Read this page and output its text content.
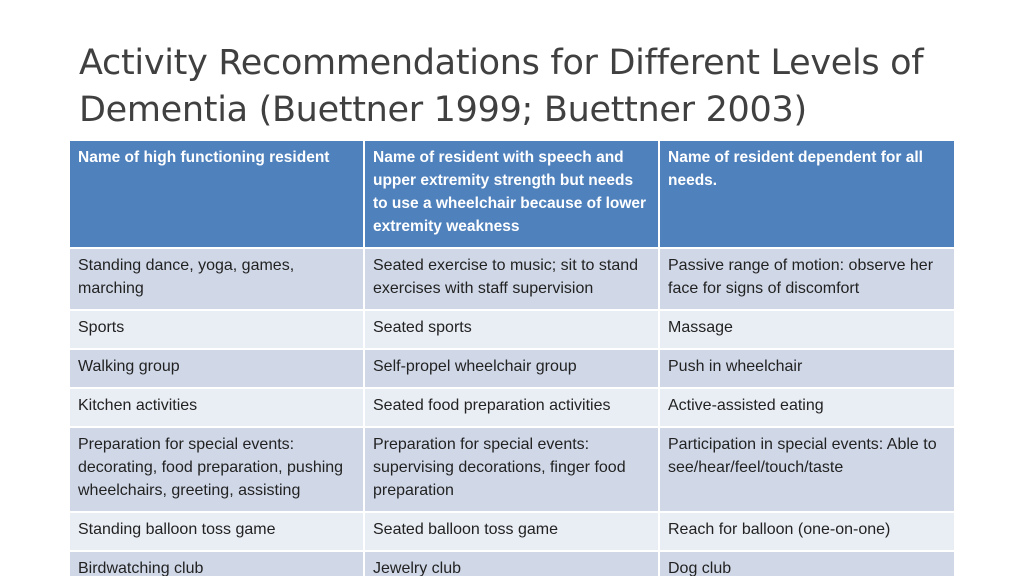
Activity Recommendations for Different Levels of
Dementia (Buettner 1999; Buettner 2003)
Name of high functioning resident	Name of resident with speech and upper extremity strength but needs to use a wheelchair because of lower extremity weakness	Name of resident dependent for all needs.
Standing dance, yoga, games, marching	Seated exercise to music; sit to stand exercises with staff supervision	Passive range of motion: observe her face for signs of discomfort
Sports	Seated sports	Massage
Walking group	Self-propel wheelchair group	Push in wheelchair
Kitchen activities	Seated food preparation activities	Active-assisted eating
Preparation for special events: decorating, food preparation, pushing wheelchairs, greeting, assisting	Preparation for special events: supervising decorations, finger food preparation	Participation in special events: Able to see/hear/feel/touch/taste
Standing balloon toss game	Seated balloon toss game	Reach for balloon (one-on-one)
Birdwatching club	Jewelry club	Dog club
